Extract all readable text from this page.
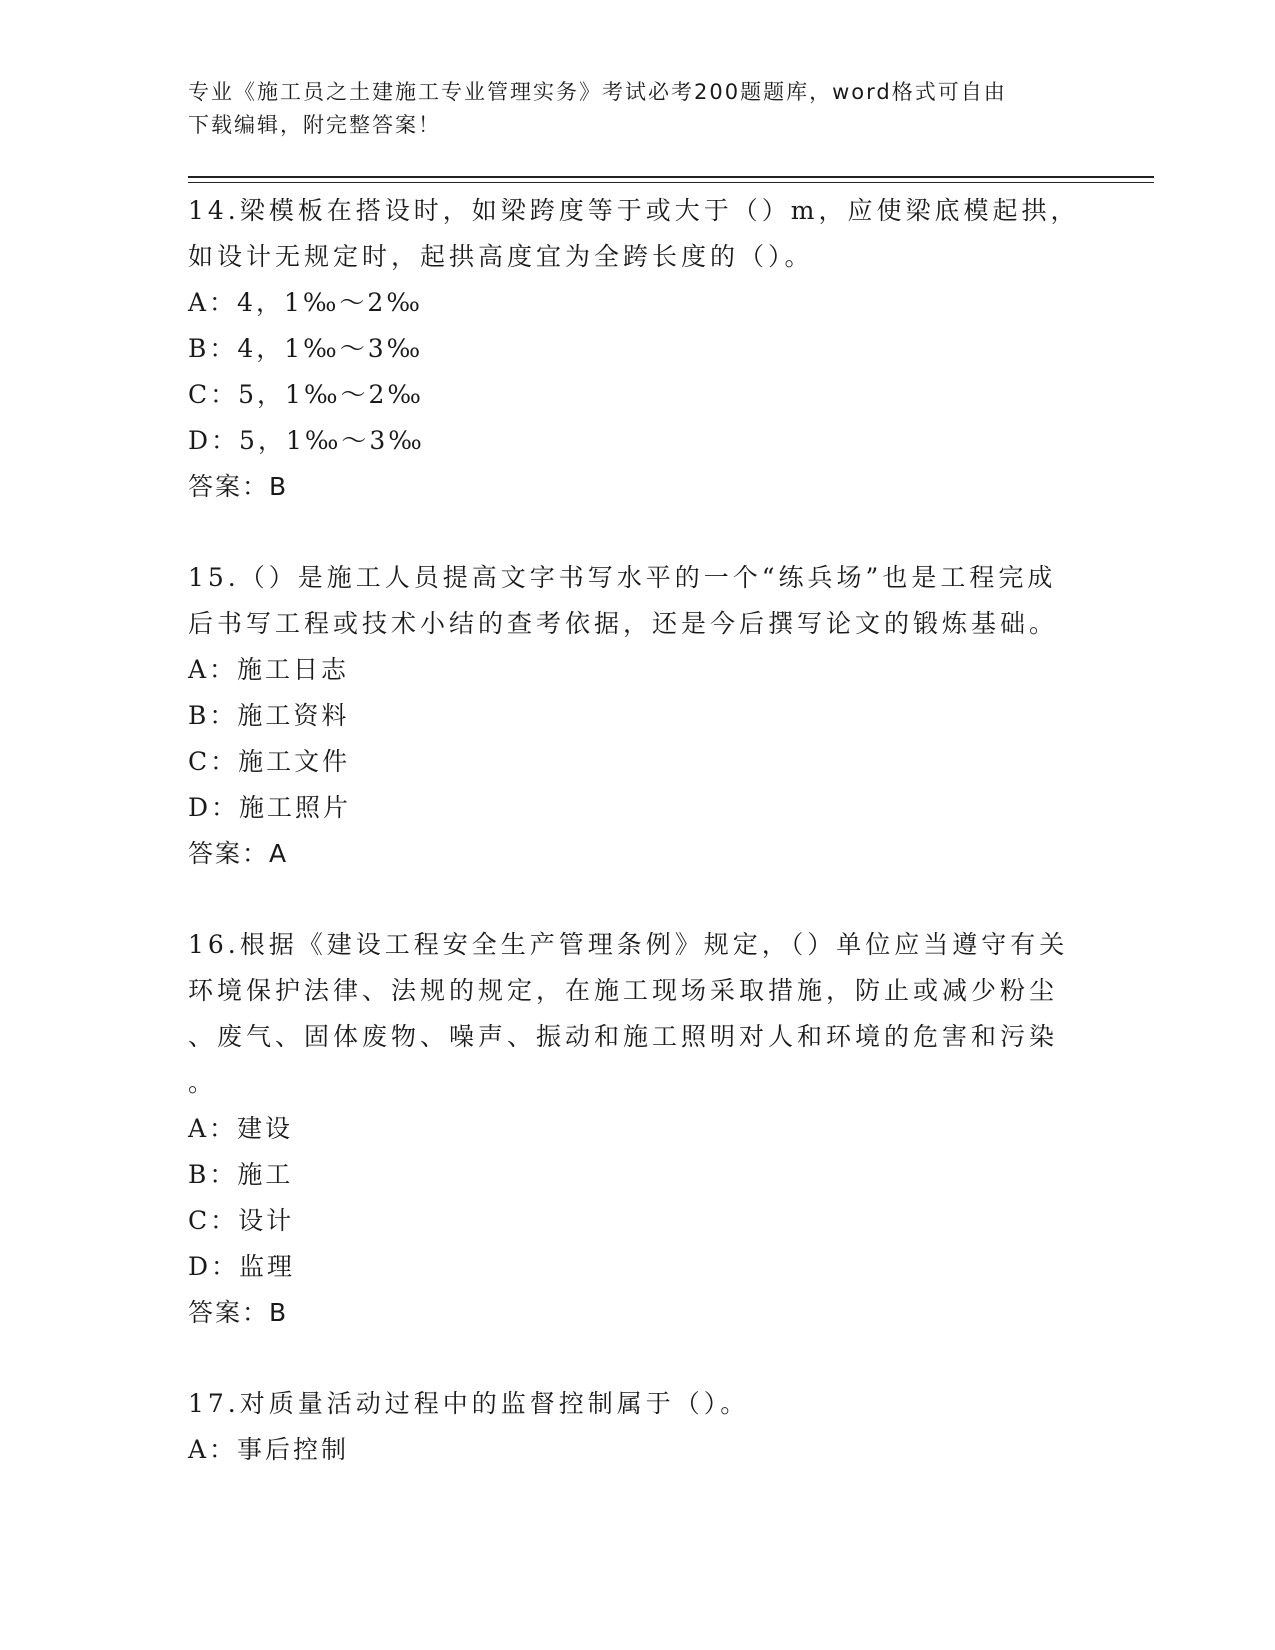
专业《施工员之土建施工专业管理实务》考试必考200题题库，word格式可自由
下载编辑，附完整答案！
14.梁模板在搭设时，如梁跨度等于或大于（）m，应使梁底模起拱，
如设计无规定时，起拱高度宜为全跨长度的（）。
A：4，1‰～2‰
B：4，1‰～3‰
C：5，1‰～2‰
D：5，1‰～3‰
答案：B
15.（）是施工人员提高文字书写水平的一个“练兵场”也是工程完成
后书写工程或技术小结的查考依据，还是今后撰写论文的锻炼基础。
A：施工日志
B：施工资料
C：施工文件
D：施工照片
答案：A
16.根据《建设工程安全生产管理条例》规定，（）单位应当遵守有关
环境保护法律、法规的规定，在施工现场采取措施，防止或减少粉尘
、废气、固体废物、噪声、振动和施工照明对人和环境的危害和污染
。
A：建设
B：施工
C：设计
D：监理
答案：B
17.对质量活动过程中的监督控制属于（）。
A：事后控制
